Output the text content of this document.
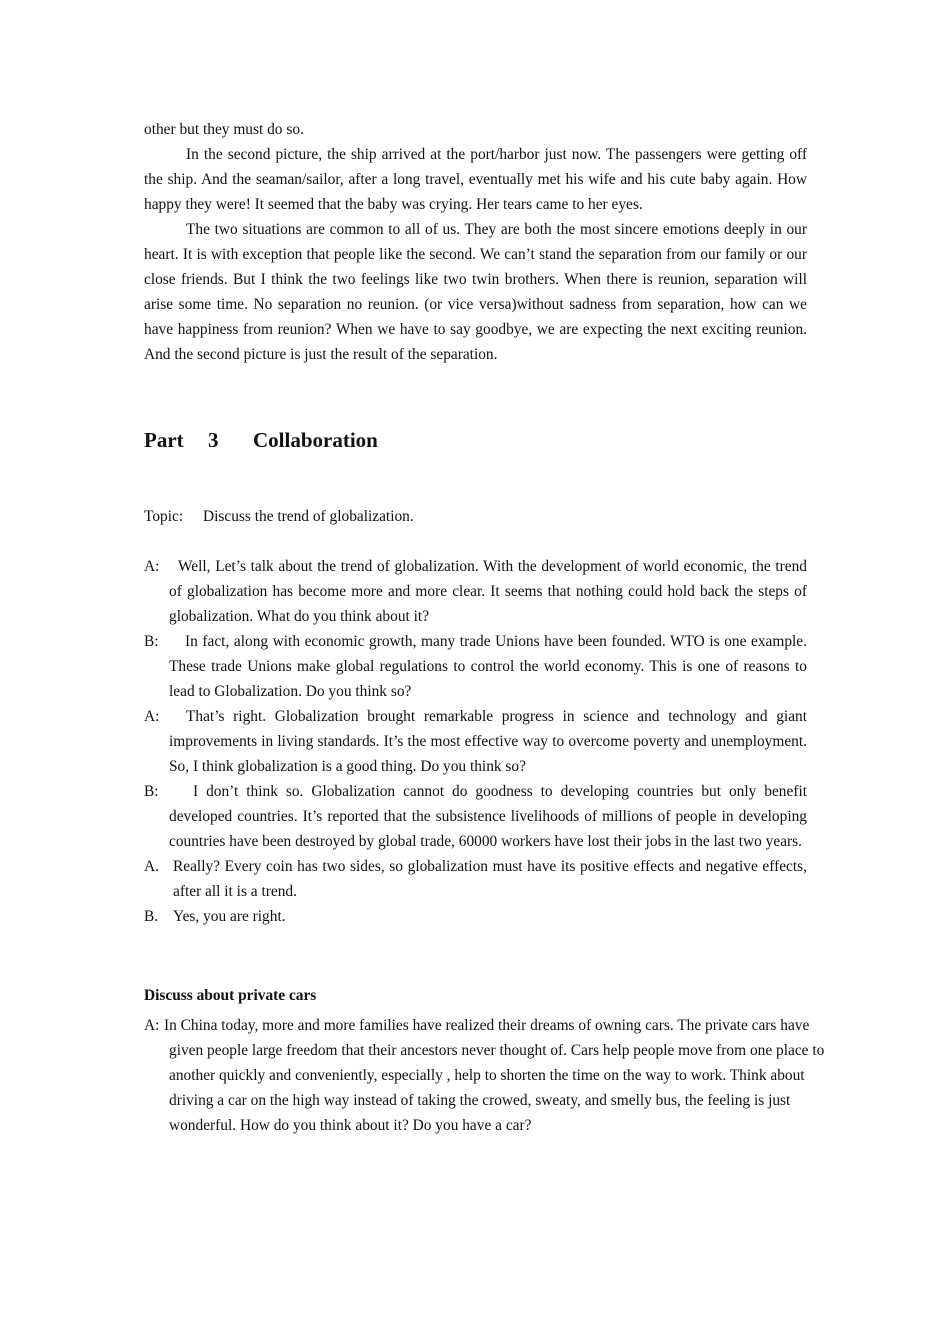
other but they must do so.

In the second picture, the ship arrived at the port/harbor just now. The passengers were getting off the ship. And the seaman/sailor, after a long travel, eventually met his wife and his cute baby again. How happy they were! It seemed that the baby was crying. Her tears came to her eyes.

The two situations are common to all of us. They are both the most sincere emotions deeply in our heart. It is with exception that people like the second. We can’t stand the separation from our family or our close friends. But I think the two feelings like two twin brothers. When there is reunion, separation will arise some time. No separation no reunion. (or vice versa)without sadness from separation, how can we have happiness from reunion? When we have to say goodbye, we are expecting the next exciting reunion. And the second picture is just the result of the separation.

Part 3 Collaboration
Topic: Discuss the trend of globalization.
A:	Well, Let’s talk about the trend of globalization. With the development of world economic, the trend of globalization has become more and more clear. It seems that nothing could hold back the steps of globalization. What do you think about it?
B:	In fact, along with economic growth, many trade Unions have been founded. WTO is one example. These trade Unions make global regulations to control the world economy. This is one of reasons to lead to Globalization. Do you think so?
A:	That’s right. Globalization brought remarkable progress in science and technology and giant improvements in living standards. It’s the most effective way to overcome poverty and unemployment. So, I think globalization is a good thing. Do you think so?
B:	I don’t think so. Globalization cannot do goodness to developing countries but only benefit developed countries. It’s reported that the subsistence livelihoods of millions of people in developing countries have been destroyed by global trade, 60000 workers have lost their jobs in the last two years.
A. Really? Every coin has two sides, so globalization must have its positive effects and negative effects, after all it is a trend.
B. Yes, you are right.
Discuss about private cars
A: In China today, more and more families have realized their dreams of owning cars. The private cars have given people large freedom that their ancestors never thought of. Cars help people move from one place to another quickly and conveniently, especially , help to shorten the time on the way to work. Think about driving a car on the high way instead of taking the crowed, sweaty, and smelly bus, the feeling is just wonderful. How do you think about it? Do you have a car?
